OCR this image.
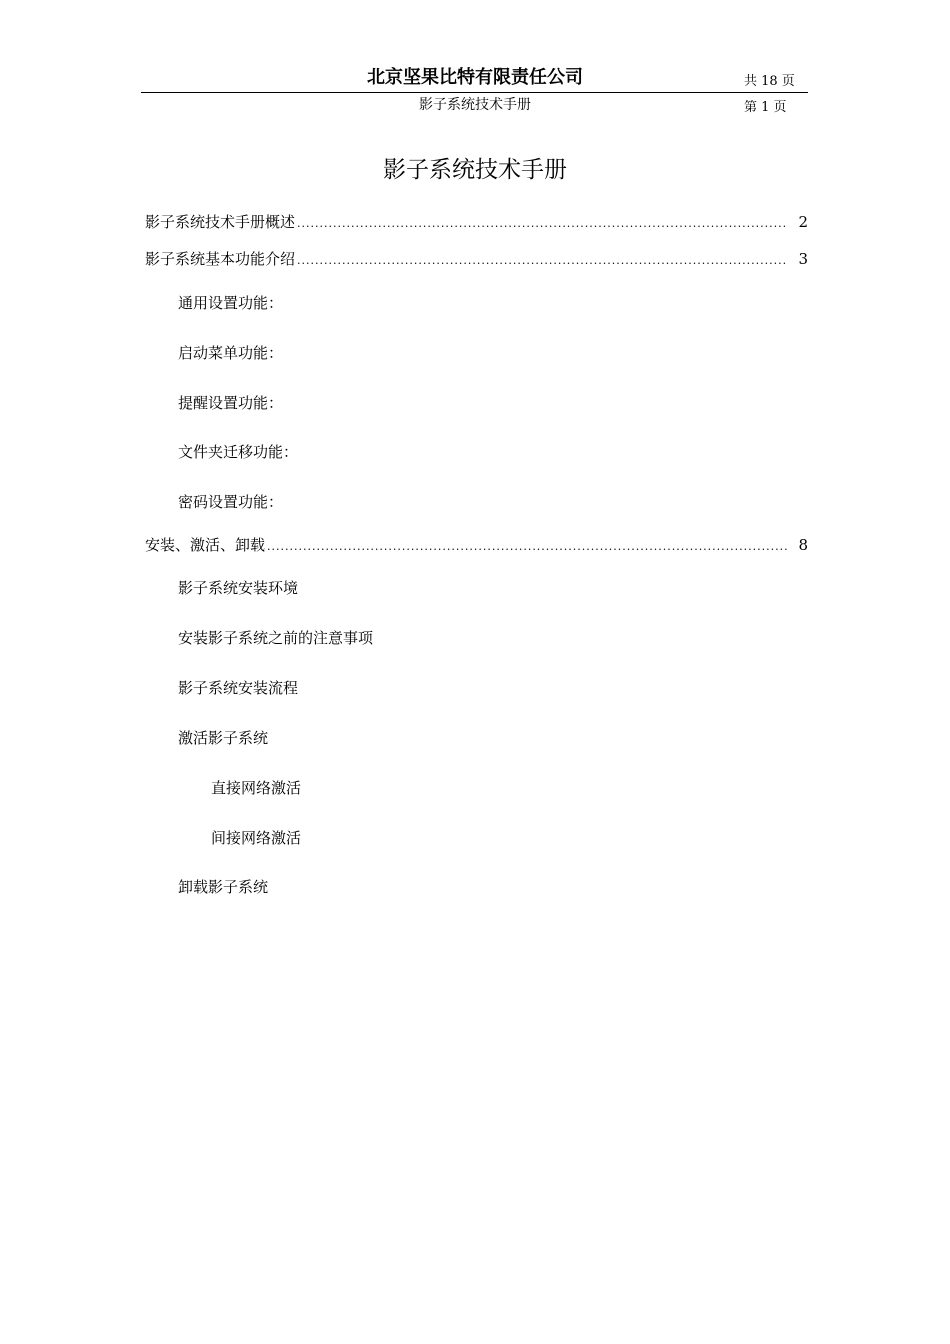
北京坚果比特有限责任公司	共 18 页
影子系统技术手册	第 1 页
影子系统技术手册
影子系统技术手册概述 .....	2
影子系统基本功能介绍 .....	3
通用设置功能：
启动菜单功能：
提醒设置功能：
文件夹迁移功能：
密码设置功能：
安装、激活、卸载 .....	8
影子系统安装环境
安装影子系统之前的注意事项
影子系统安装流程
激活影子系统
直接网络激活
间接网络激活
卸载影子系统
